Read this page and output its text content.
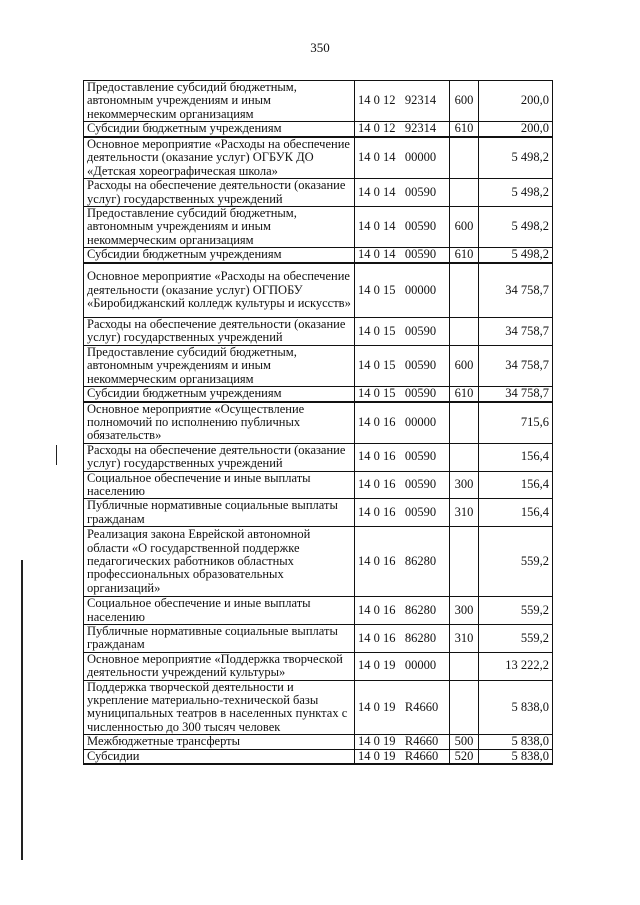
350
Предоставление субсидий бюджетным, автономным учреждениям и иным некоммерческим организациям	14 0 12   92314	600	200,0
Субсидии бюджетным учреждениям	14 0 12   92314	610	200,0
Основное мероприятие «Расходы на обеспечение деятельности (оказание услуг) ОГБУК ДО «Детская хореографическая школа»	14 0 14   00000		5 498,2
Расходы на обеспечение деятельности (оказание услуг) государственных учреждений	14 0 14   00590		5 498,2
Предоставление субсидий бюджетным, автономным учреждениям и иным некоммерческим организациям	14 0 14   00590	600	5 498,2
Субсидии бюджетным учреждениям	14 0 14   00590	610	5 498,2
Основное мероприятие «Расходы на обеспечение деятельности (оказание услуг) ОГПОБУ «Биробиджанский колледж культуры и искусств»	14 0 15   00000		34 758,7
Расходы на обеспечение деятельности (оказание услуг) государственных учреждений	14 0 15   00590		34 758,7
Предоставление субсидий бюджетным, автономным учреждениям и иным некоммерческим организациям	14 0 15   00590	600	34 758,7
Субсидии бюджетным учреждениям	14 0 15   00590	610	34 758,7
Основное мероприятие «Осуществление полномочий по исполнению публичных обязательств»	14 0 16   00000		715,6
Расходы на обеспечение деятельности (оказание услуг) государственных учреждений	14 0 16   00590		156,4
Социальное обеспечение и иные выплаты населению	14 0 16   00590	300	156,4
Публичные нормативные социальные выплаты гражданам	14 0 16   00590	310	156,4
Реализация закона Еврейской автономной области «О государственной поддержке педагогических работников областных профессиональных образовательных организаций»	14 0 16   86280		559,2
Социальное обеспечение и иные выплаты населению	14 0 16   86280	300	559,2
Публичные нормативные социальные выплаты гражданам	14 0 16   86280	310	559,2
Основное мероприятие «Поддержка творческой деятельности учреждений культуры»	14 0 19   00000		13 222,2
Поддержка творческой деятельности и укрепление материально-технической базы муниципальных театров в населенных пунктах с численностью до 300 тысяч человек	14 0 19   R4660		5 838,0
Межбюджетные трансферты	14 0 19   R4660	500	5 838,0
Субсидии	14 0 19   R4660	520	5 838,0
